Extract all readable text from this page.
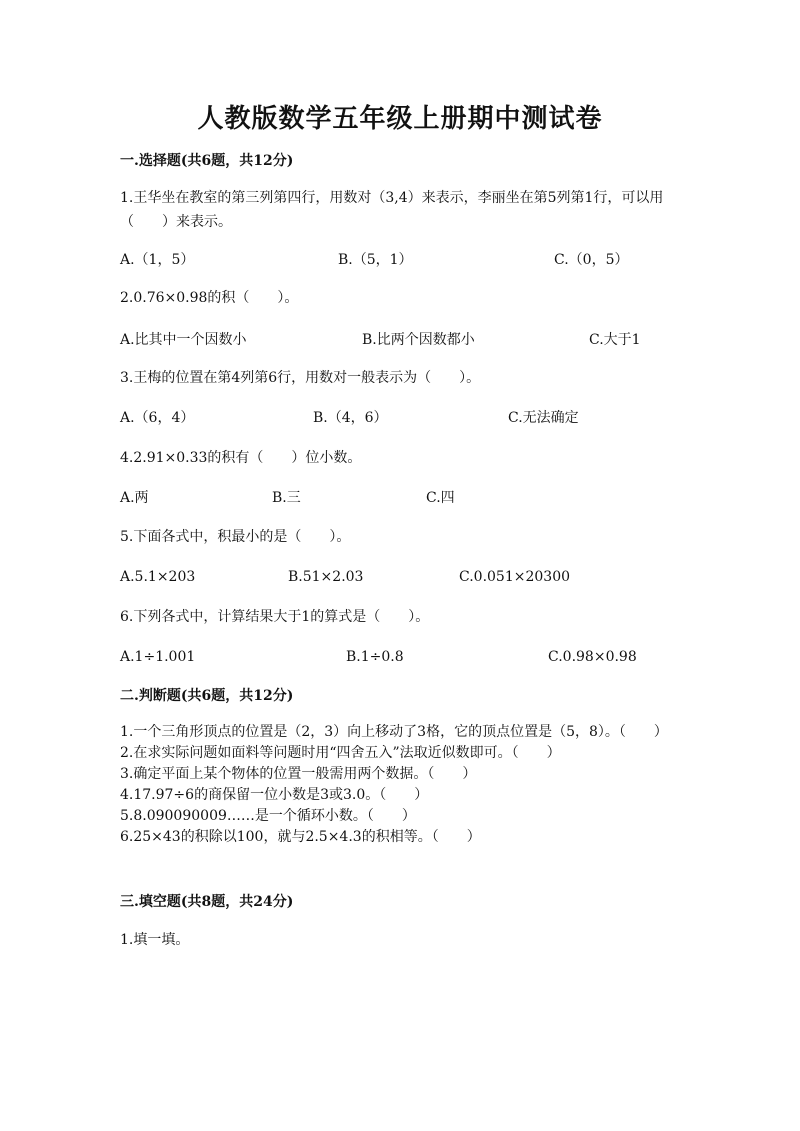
人教版数学五年级上册期中测试卷
一.选择题(共6题，共12分)
1.王华坐在教室的第三列第四行，用数对（3,4）来表示，李丽坐在第5列第1行，可以用（　　）来表示。
A.（1，5）	B.（5，1）	C.（0，5）
2.0.76×0.98的积（　　）。
A.比其中一个因数小	B.比两个因数都小	C.大于1
3.王梅的位置在第4列第6行，用数对一般表示为（　　）。
A.（6，4）	B.（4，6）	C.无法确定
4.2.91×0.33的积有（　　）位小数。
A.两	B.三	C.四
5.下面各式中，积最小的是（　　）。
A.5.1×203	B.51×2.03	C.0.051×20300
6.下列各式中，计算结果大于1的算式是（　　）。
A.1÷1.001	B.1÷0.8	C.0.98×0.98
二.判断题(共6题，共12分)
1.一个三角形顶点的位置是（2，3）向上移动了3格，它的顶点位置是（5，8）。（　　）
2.在求实际问题如面料等问题时用“四舍五入”法取近似数即可。（　　）
3.确定平面上某个物体的位置一般需用两个数据。（　　）
4.17.97÷6的商保留一位小数是3或3.0。（　　）
5.8.090090009……是一个循环小数。（　　）
6.25×43的积除以100，就与2.5×4.3的积相等。（　　）
三.填空题(共8题，共24分)
1.填一填。
